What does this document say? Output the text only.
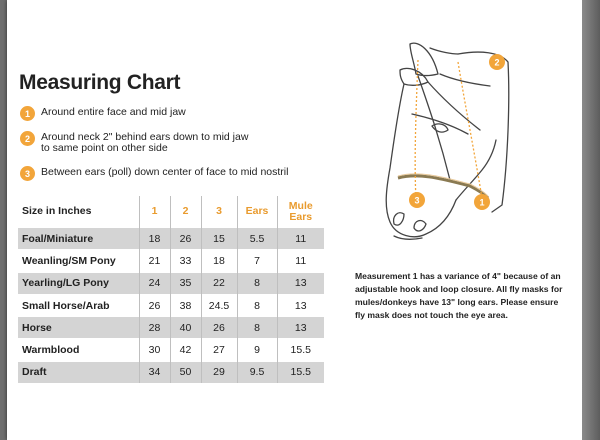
Measuring Chart
1	Around entire face and mid jaw
2	Around neck 2" behind ears down to mid jaw
to same point on other side
3	Between ears (poll) down center of face to mid nostril
Size in Inches	1	2	3	Ears	Mule
Ears
Foal/Miniature	18	26	15	5.5	11
Weanling/SM Pony	21	33	18	7	11
Yearling/LG Pony	24	35	22	8	13
Small Horse/Arab	26	38	24.5	8	13
Horse	28	40	26	8	13
Warmblood	30	42	27	9	15.5
Draft	34	50	29	9.5	15.5
2
3	1
Measurement 1 has a variance of 4" because of an adjustable hook and loop closure. All fly masks for mules/donkeys have 13" long ears. Please ensure fly mask does not touch the eye area.
